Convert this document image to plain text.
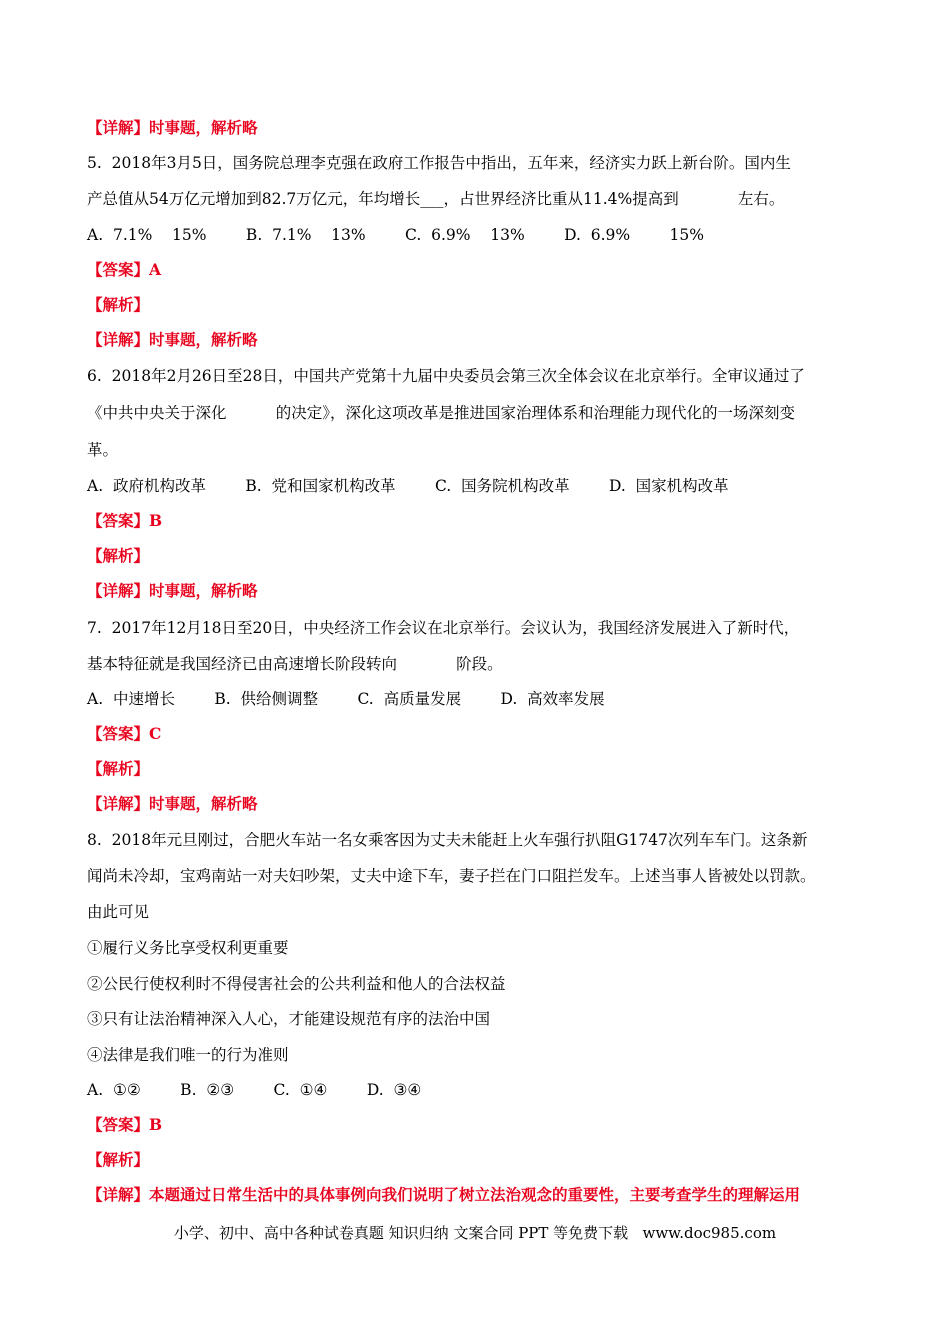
【详解】时事题，解析略
5.  2018年3月5日，国务院总理李克强在政府工作报告中指出，五年来，经济实力跃上新台阶。国内生
产总值从54万亿元增加到82.7万亿元，年均增长___，占世界经济比重从11.4%提高到            左右。
A.  7.1%    15%        B.  7.1%    13%        C.  6.9%    13%        D.  6.9%        15%
【答案】A
【解析】
【详解】时事题，解析略
6.  2018年2月26日至28日，中国共产党第十九届中央委员会第三次全体会议在北京举行。全审议通过了
《中共中央关于深化          的决定》，深化这项改革是推进国家治理体系和治理能力现代化的一场深刻变
革。
A.  政府机构改革        B.  党和国家机构改革        C.  国务院机构改革        D.  国家机构改革
【答案】B
【解析】
【详解】时事题，解析略
7.  2017年12月18日至20日，中央经济工作会议在北京举行。会议认为，我国经济发展进入了新时代，
基本特征就是我国经济已由高速增长阶段转向            阶段。
A.  中速增长        B.  供给侧调整        C.  高质量发展        D.  高效率发展
【答案】C
【解析】
【详解】时事题，解析略
8.  2018年元旦刚过，合肥火车站一名女乘客因为丈夫未能赶上火车强行扒阻G1747次列车车门。这条新
闻尚未冷却，宝鸡南站一对夫妇吵架，丈夫中途下车，妻子拦在门口阻拦发车。上述当事人皆被处以罚款。
由此可见
①履行义务比享受权利更重要
②公民行使权利时不得侵害社会的公共利益和他人的合法权益
③只有让法治精神深入人心，才能建设规范有序的法治中国
④法律是我们唯一的行为准则
A.  ①②        B.  ②③        C.  ①④        D.  ③④
【答案】B
【解析】
【详解】本题通过日常生活中的具体事例向我们说明了树立法治观念的重要性，主要考查学生的理解运用
小学、初中、高中各种试卷真题 知识归纳 文案合同 PPT 等免费下载   www.doc985.com
